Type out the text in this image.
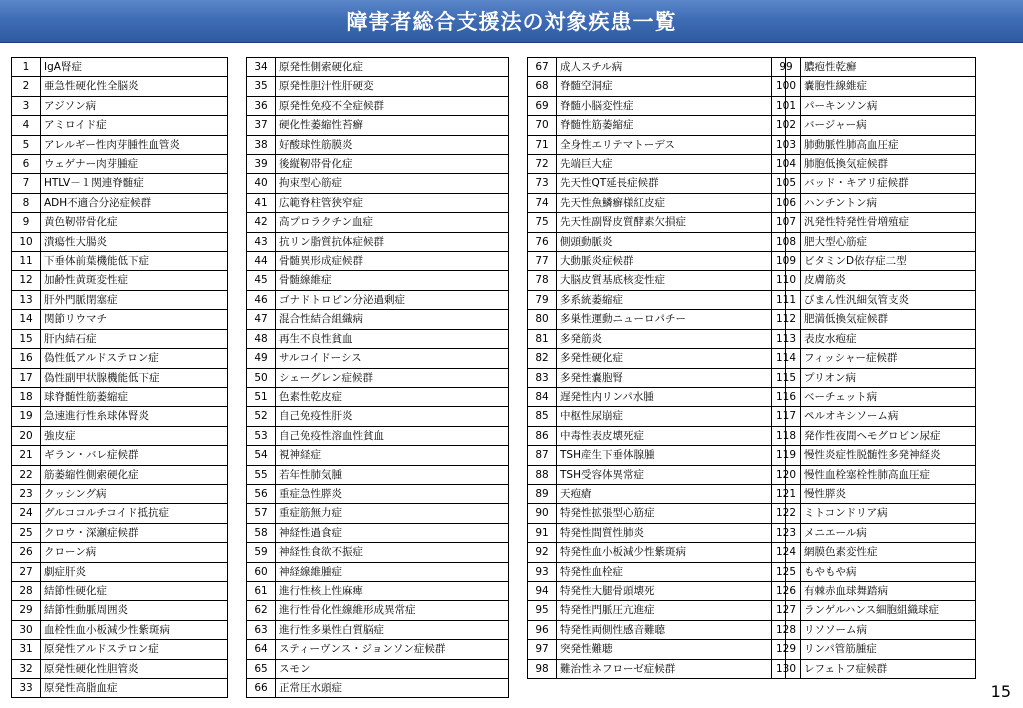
障害者総合支援法の対象疾患一覧
1	IgA腎症
2	亜急性硬化性全脳炎
3	アジソン病
4	アミロイド症
5	アレルギー性肉芽腫性血管炎
6	ウェゲナー肉芽腫症
7	HTLV－１関連脊髄症
8	ADH不適合分泌症候群
9	黄色靭帯骨化症
10	潰瘍性大腸炎
11	下垂体前葉機能低下症
12	加齢性黄斑変性症
13	肝外門脈閉塞症
14	関節リウマチ
15	肝内結石症
16	偽性低アルドステロン症
17	偽性副甲状腺機能低下症
18	球脊髄性筋萎縮症
19	急速進行性糸球体腎炎
20	強皮症
21	ギラン・バレ症候群
22	筋萎縮性側索硬化症
23	クッシング病
24	グルココルチコイド抵抗症
25	クロウ・深瀬症候群
26	クローン病
27	劇症肝炎
28	結節性硬化症
29	結節性動脈周囲炎
30	血栓性血小板減少性紫斑病
31	原発性アルドステロン症
32	原発性硬化性胆管炎
33	原発性高脂血症
34	原発性側索硬化症
35	原発性胆汁性肝硬変
36	原発性免疫不全症候群
37	硬化性萎縮性苔癬
38	好酸球性筋膜炎
39	後縦靭帯骨化症
40	拘束型心筋症
41	広範脊柱管狭窄症
42	高プロラクチン血症
43	抗リン脂質抗体症候群
44	骨髄異形成症候群
45	骨髄線維症
46	ゴナドトロピン分泌過剰症
47	混合性結合組織病
48	再生不良性貧血
49	サルコイドーシス
50	シェーグレン症候群
51	色素性乾皮症
52	自己免疫性肝炎
53	自己免疫性溶血性貧血
54	視神経症
55	若年性肺気腫
56	重症急性膵炎
57	重症筋無力症
58	神経性過食症
59	神経性食欲不振症
60	神経線維腫症
61	進行性核上性麻痺
62	進行性骨化性線維形成異常症
63	進行性多巣性白質脳症
64	スティーヴンス・ジョンソン症候群
65	スモン
66	正常圧水頭症
67	成人スチル病
68	脊髄空洞症
69	脊髄小脳変性症
70	脊髄性筋萎縮症
71	全身性エリテマトーデス
72	先端巨大症
73	先天性QT延長症候群
74	先天性魚鱗癬様紅皮症
75	先天性副腎皮質酵素欠損症
76	側頭動脈炎
77	大動脈炎症候群
78	大脳皮質基底核変性症
79	多系統萎縮症
80	多巣性運動ニューロパチー
81	多発筋炎
82	多発性硬化症
83	多発性嚢胞腎
84	遅発性内リンパ水腫
85	中枢性尿崩症
86	中毒性表皮壊死症
87	TSH産生下垂体腺腫
88	TSH受容体異常症
89	天疱瘡
90	特発性拡張型心筋症
91	特発性間質性肺炎
92	特発性血小板減少性紫斑病
93	特発性血栓症
94	特発性大腿骨頭壊死
95	特発性門脈圧亢進症
96	特発性両側性感音難聴
97	突発性難聴
98	難治性ネフローゼ症候群
99	膿疱性乾癬
100	嚢胞性線維症
101	パーキンソン病
102	バージャー病
103	肺動脈性肺高血圧症
104	肺胞低換気症候群
105	バッド・キアリ症候群
106	ハンチントン病
107	汎発性特発性骨増殖症
108	肥大型心筋症
109	ビタミンD依存症二型
110	皮膚筋炎
111	びまん性汎細気管支炎
112	肥満低換気症候群
113	表皮水疱症
114	フィッシャー症候群
115	プリオン病
116	ベーチェット病
117	ペルオキシソーム病
118	発作性夜間ヘモグロビン尿症
119	慢性炎症性脱髄性多発神経炎
120	慢性血栓塞栓性肺高血圧症
121	慢性膵炎
122	ミトコンドリア病
123	メニエール病
124	網膜色素変性症
125	もやもや病
126	有棘赤血球舞踏病
127	ランゲルハンス細胞組織球症
128	リソソーム病
129	リンパ管筋腫症
130	レフェトフ症候群
15
